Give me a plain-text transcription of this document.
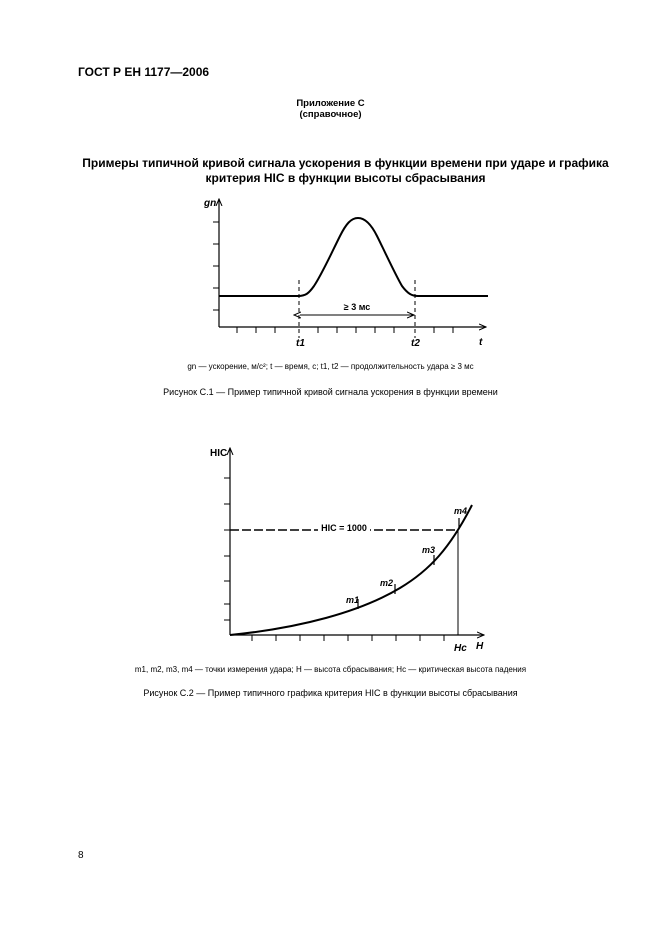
ГОСТ Р ЕН 1177—2006
Приложение С
(справочное)
Примеры типичной кривой сигнала ускорения в функции времени при ударе и графика критерия HIC в функции высоты сбрасывания
≥ 3 мс
gn
t
t1	t2
gn — ускорение, м/с²; t — время, с; t1, t2 — продолжительность удара ≥ 3 мс
Рисунок С.1 — Пример типичной кривой сигнала ускорения в функции времени
HIC = 1000
HIC
H
Hc
m1
m2
m3
m4
m1, m2, m3, m4 — точки измерения удара; H — высота сбрасывания; Hc — критическая высота падения
Рисунок С.2 — Пример типичного графика критерия HIC в функции высоты сбрасывания
8
